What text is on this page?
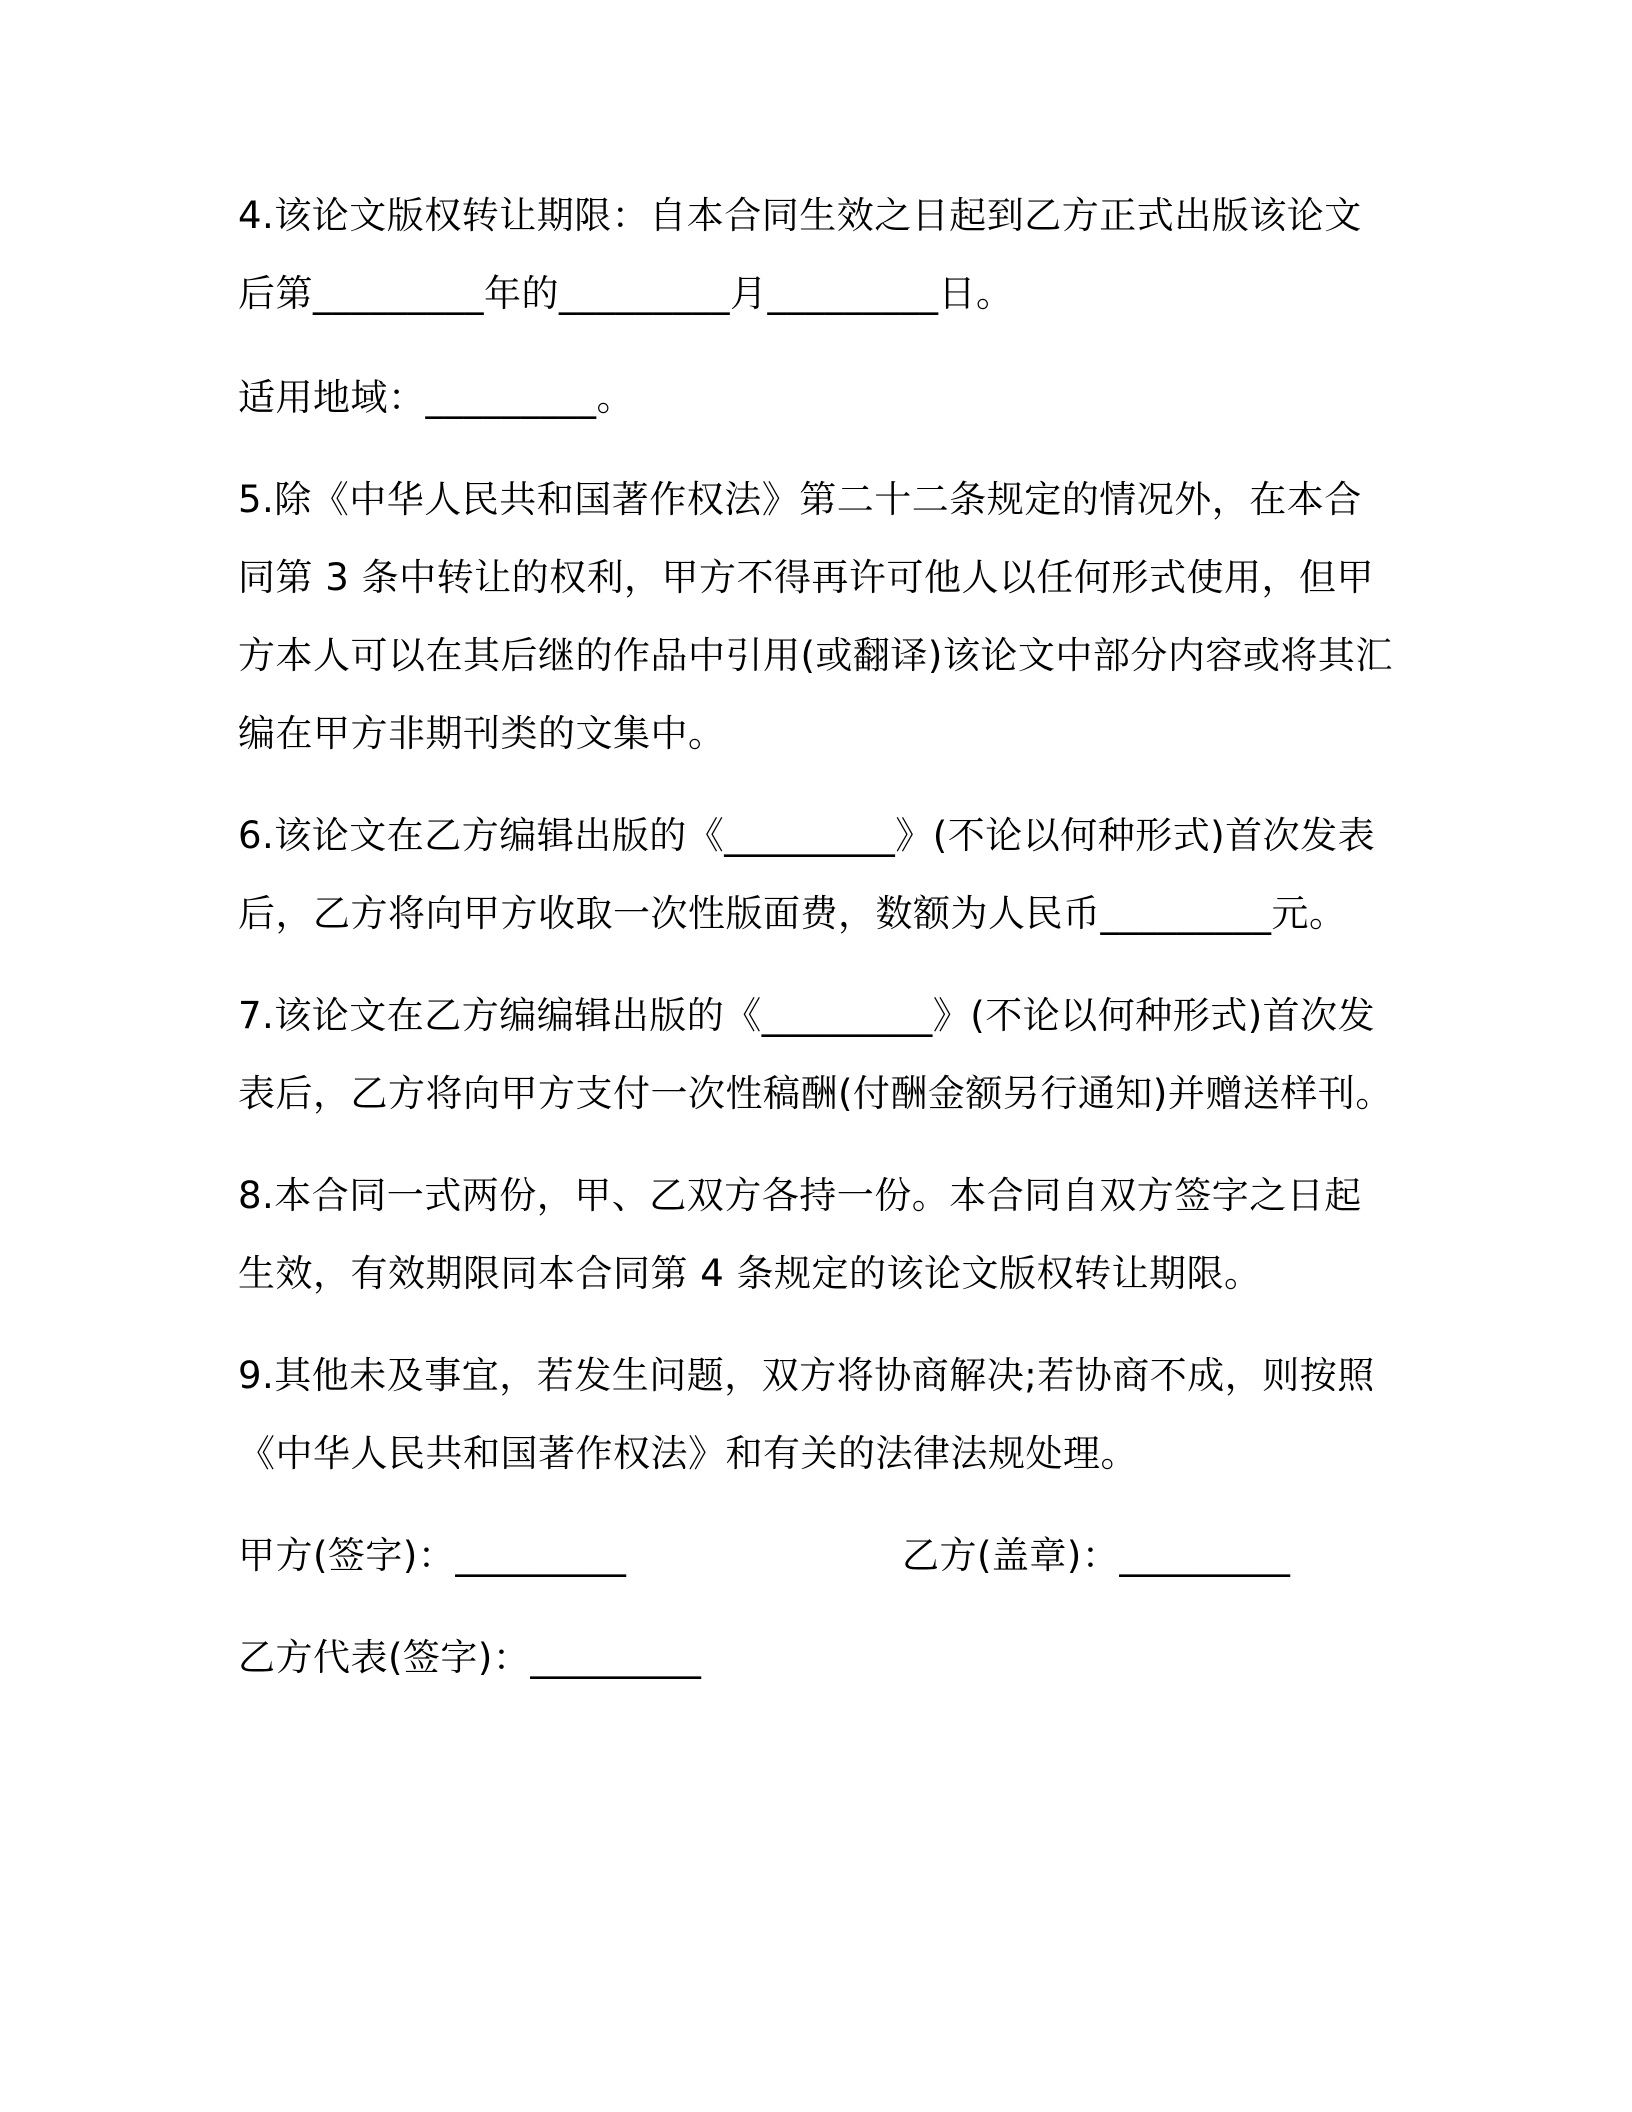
4.该论文版权转让期限：自本合同生效之日起到乙方正式出版该论文
后第_________年的_________月_________日。
适用地域：_________。
5.除《中华人民共和国著作权法》第二十二条规定的情况外，在本合
同第 3 条中转让的权利，甲方不得再许可他人以任何形式使用，但甲
方本人可以在其后继的作品中引用(或翻译)该论文中部分内容或将其汇
编在甲方非期刊类的文集中。
6.该论文在乙方编辑出版的《_________》(不论以何种形式)首次发表
后，乙方将向甲方收取一次性版面费，数额为人民币_________元。
7.该论文在乙方编编辑出版的《_________》(不论以何种形式)首次发
表后，乙方将向甲方支付一次性稿酬(付酬金额另行通知)并赠送样刊。
8.本合同一式两份，甲、乙双方各持一份。本合同自双方签字之日起
生效，有效期限同本合同第 4 条规定的该论文版权转让期限。
9.其他未及事宜，若发生问题，双方将协商解决;若协商不成，则按照
《中华人民共和国著作权法》和有关的法律法规处理。
甲方(签字)：_________	乙方(盖章)：_________
乙方代表(签字)：_________
